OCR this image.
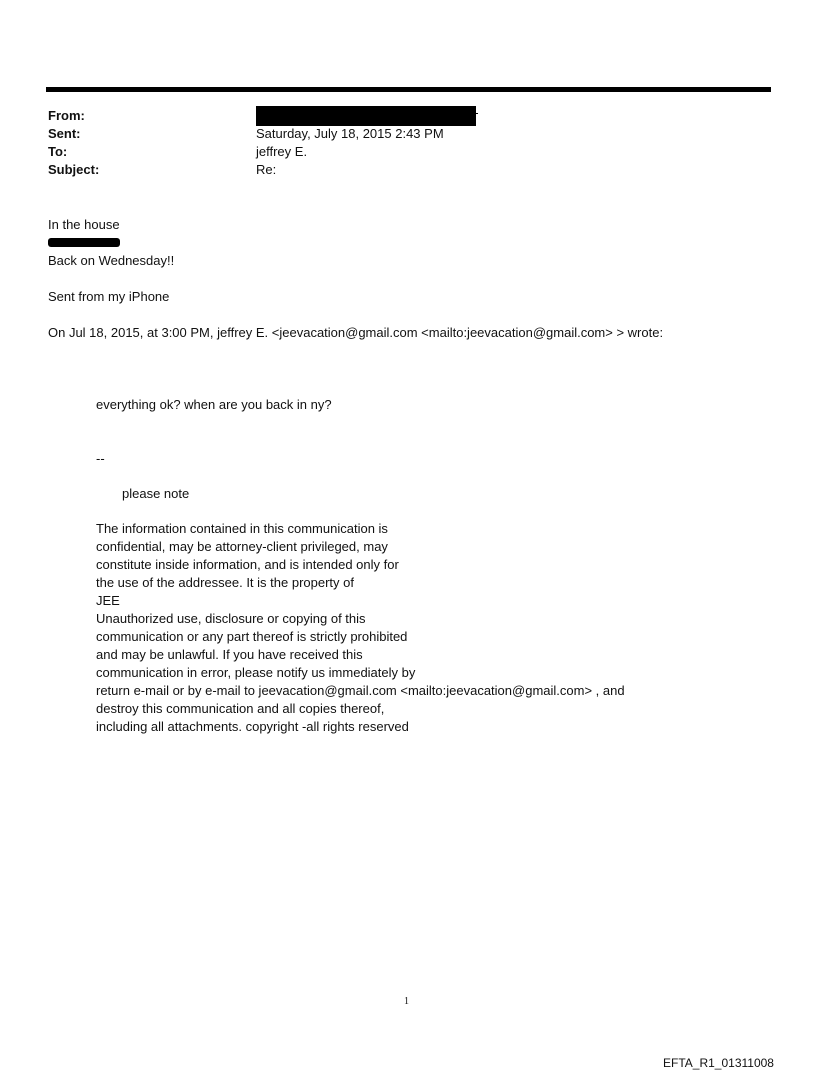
From:
Sent:
To:
Subject:
Saturday, July 18, 2015 2:43 PM
jeffrey E.
Re:
In the house
Back on Wednesday!!
Sent from my iPhone
On Jul 18, 2015, at 3:00 PM, jeffrey E. <jeevacation@gmail.com <mailto:jeevacation@gmail.com> > wrote:
everything ok? when are you back in ny?
--
please note
The information contained in this communication is
confidential, may be attorney-client privileged, may
constitute inside information, and is intended only for
the use of the addressee. It is the property of
JEE
Unauthorized use, disclosure or copying of this
communication or any part thereof is strictly prohibited
and may be unlawful. If you have received this
communication in error, please notify us immediately by
return e-mail or by e-mail to jeevacation@gmail.com <mailto:jeevacation@gmail.com> , and
destroy this communication and all copies thereof,
including all attachments. copyright -all rights reserved
1
EFTA_R1_01311008
